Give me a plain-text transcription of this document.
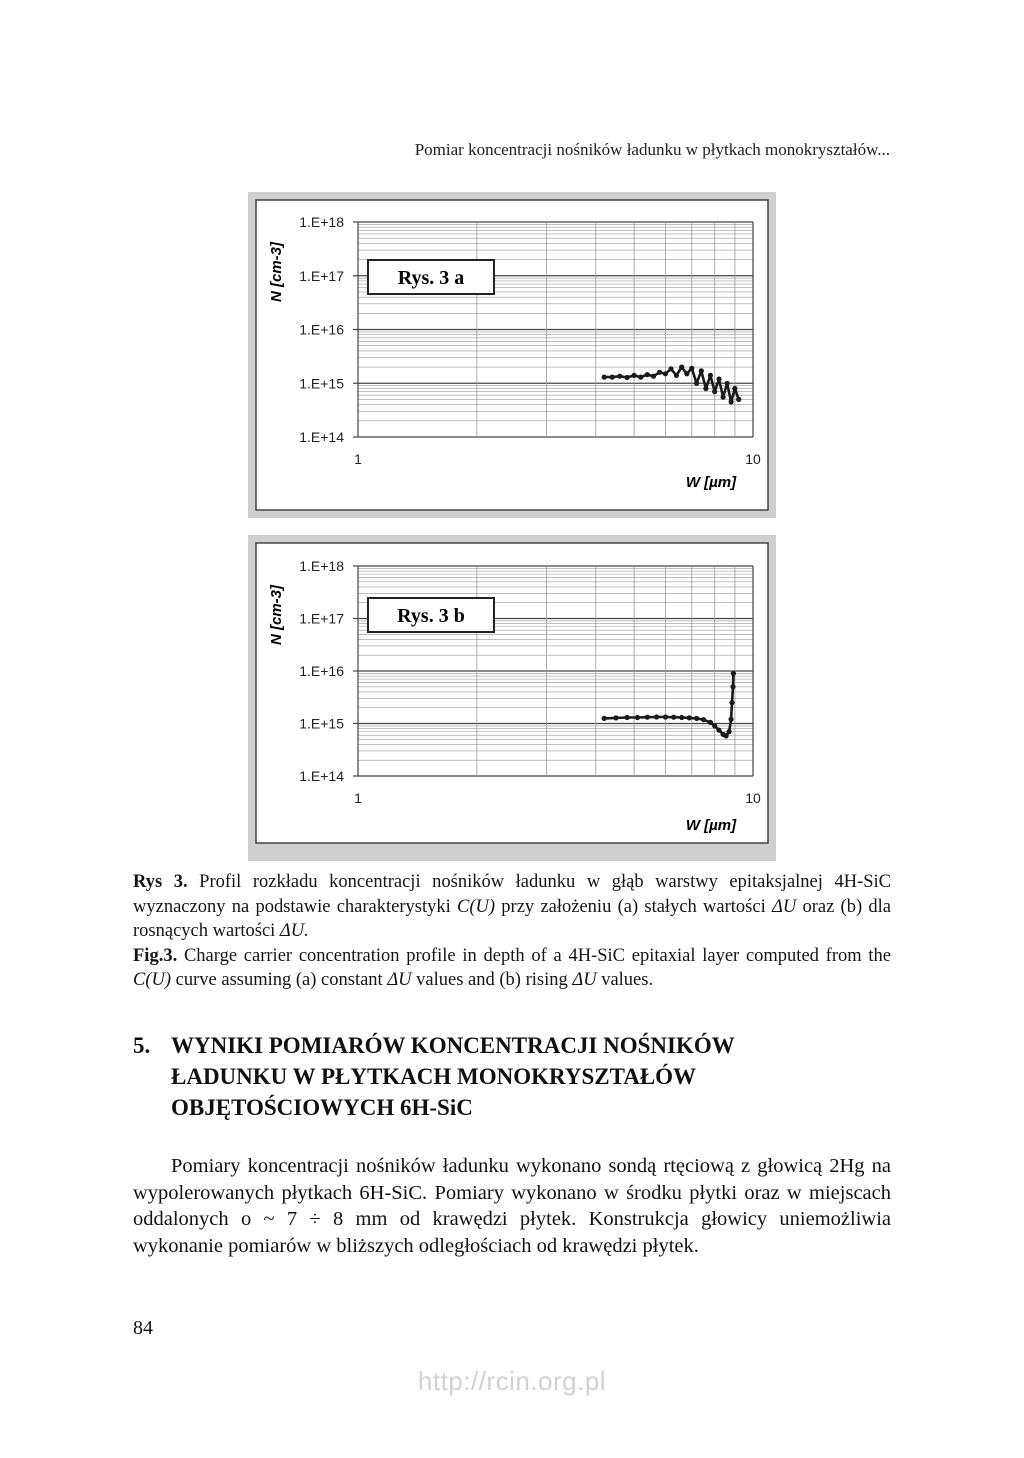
Pomiar koncentracji nośników ładunku w płytkach monokryształów...
1.E+18
1.E+17
1.E+16
1.E+15
1.E+14
1	10
N [cm-3]
W [µm]
Rys. 3 a
1.E+18
1.E+17
1.E+16
1.E+15
1.E+14
1	10
N [cm-3]
W [µm]
Rys. 3 b

Rys 3. Profil rozkładu koncentracji nośników ładunku w głąb warstwy epitaksjalnej 4H-SiC wyznaczony na podstawie charakterystyki C(U) przy założeniu (a) stałych wartości ΔU oraz (b) dla rosnących wartości ΔU.

Fig.3. Charge carrier concentration profile in depth of a 4H-SiC epitaxial layer computed from the C(U) curve assuming (a) constant ΔU values and (b) rising ΔU values.

5. WYNIKI POMIARÓW KONCENTRACJI NOŚNIKÓW
ŁADUNKU W PŁYTKACH MONOKRYSZTAŁÓW
OBJĘTOŚCIOWYCH 6H-SiC

Pomiary koncentracji nośników ładunku wykonano sondą rtęciową z głowicą 2Hg na wypolerowanych płytkach 6H-SiC. Pomiary wykonano w środku płytki oraz w miejscach oddalonych o ~ 7 ÷ 8 mm od krawędzi płytek. Konstrukcja głowicy uniemożliwia wykonanie pomiarów w bliższych odległościach od krawędzi płytek.

84
http://rcin.org.pl
